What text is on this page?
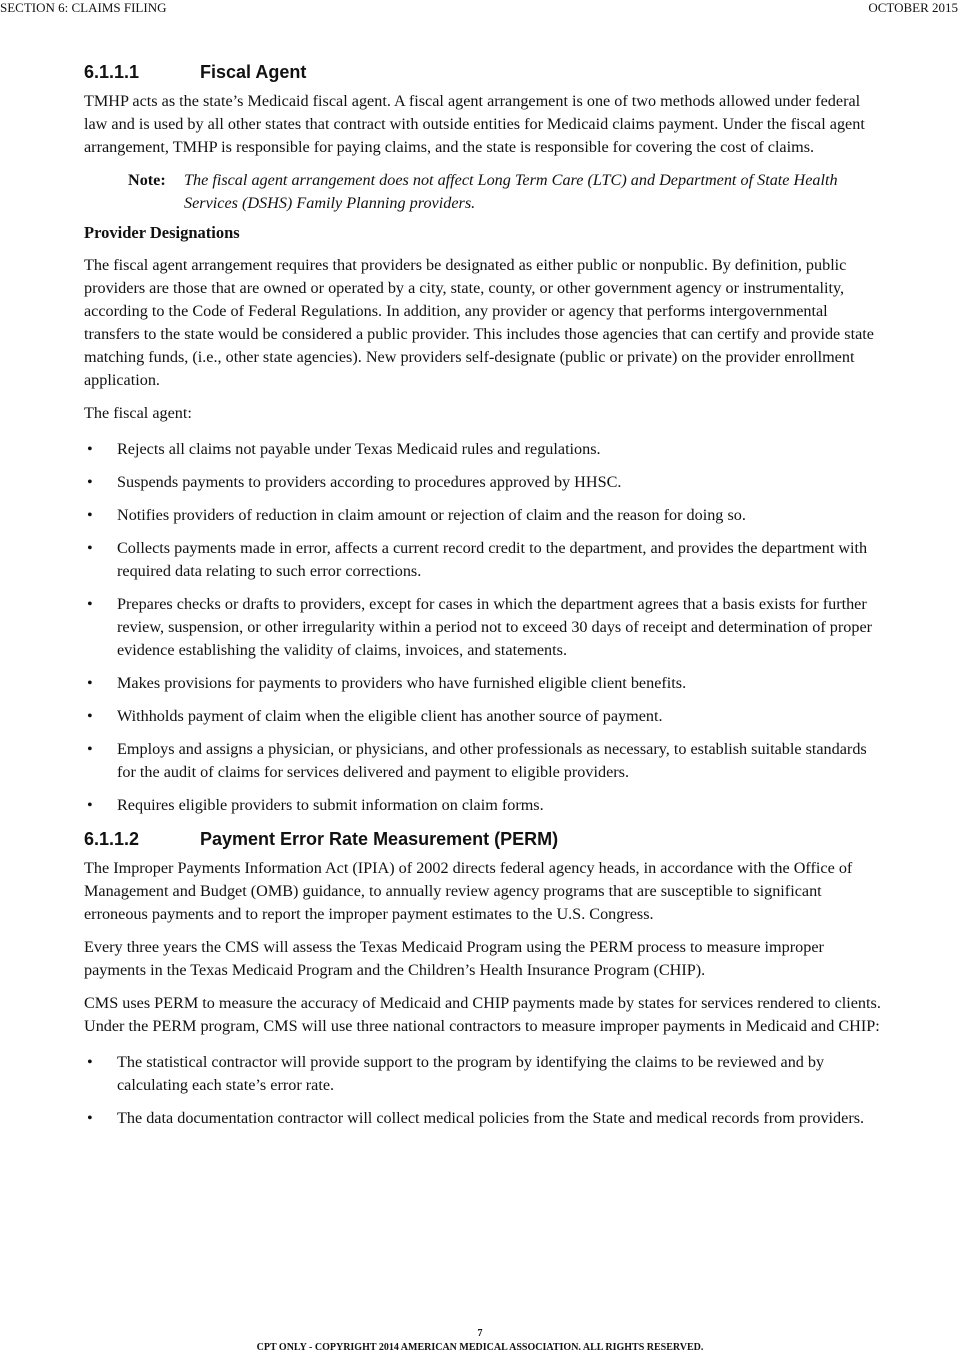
SECTION 6: CLAIMS FILING	OCTOBER 2015
6.1.1.1	Fiscal Agent

TMHP acts as the state’s Medicaid fiscal agent. A fiscal agent arrangement is one of two methods allowed under federal law and is used by all other states that contract with outside entities for Medicaid claims payment. Under the fiscal agent arrangement, TMHP is responsible for paying claims, and the state is responsible for covering the cost of claims.

Note:	The fiscal agent arrangement does not affect Long Term Care (LTC) and Department of State Health Services (DSHS) Family Planning providers.
Provider Designations

The fiscal agent arrangement requires that providers be designated as either public or nonpublic. By definition, public providers are those that are owned or operated by a city, state, county, or other government agency or instrumentality, according to the Code of Federal Regulations. In addition, any provider or agency that performs intergovernmental transfers to the state would be considered a public provider. This includes those agencies that can certify and provide state matching funds, (i.e., other state agencies). New providers self-designate (public or private) on the provider enrollment application.

The fiscal agent:

• Rejects all claims not payable under Texas Medicaid rules and regulations.
• Suspends payments to providers according to procedures approved by HHSC.
• Notifies providers of reduction in claim amount or rejection of claim and the reason for doing so.
• Collects payments made in error, affects a current record credit to the department, and provides the department with required data relating to such error corrections.
• Prepares checks or drafts to providers, except for cases in which the department agrees that a basis exists for further review, suspension, or other irregularity within a period not to exceed 30 days of receipt and determination of proper evidence establishing the validity of claims, invoices, and statements.
• Makes provisions for payments to providers who have furnished eligible client benefits.
• Withholds payment of claim when the eligible client has another source of payment.
• Employs and assigns a physician, or physicians, and other professionals as necessary, to establish suitable standards for the audit of claims for services delivered and payment to eligible providers.
• Requires eligible providers to submit information on claim forms.
6.1.1.2	Payment Error Rate Measurement (PERM)

The Improper Payments Information Act (IPIA) of 2002 directs federal agency heads, in accordance with the Office of Management and Budget (OMB) guidance, to annually review agency programs that are susceptible to significant erroneous payments and to report the improper payment estimates to the U.S. Congress.

Every three years the CMS will assess the Texas Medicaid Program using the PERM process to measure improper payments in the Texas Medicaid Program and the Children’s Health Insurance Program (CHIP).

CMS uses PERM to measure the accuracy of Medicaid and CHIP payments made by states for services rendered to clients. Under the PERM program, CMS will use three national contractors to measure improper payments in Medicaid and CHIP:

• The statistical contractor will provide support to the program by identifying the claims to be reviewed and by calculating each state’s error rate.
• The data documentation contractor will collect medical policies from the State and medical records from providers.
7
CPT ONLY - COPYRIGHT 2014 AMERICAN MEDICAL ASSOCIATION. ALL RIGHTS RESERVED.
